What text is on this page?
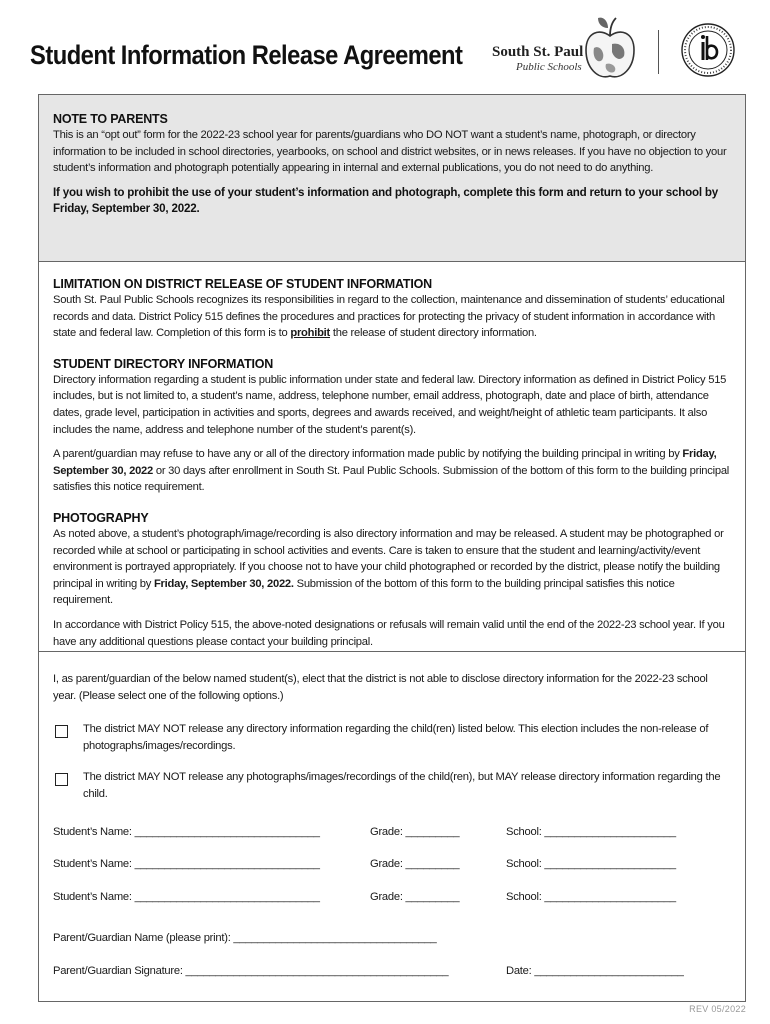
Student Information Release Agreement South St. Paul
Public Schools
NOTE TO PARENTS
This is an “opt out” form for the 2022-23 school year for parents/guardians who DO NOT want a student’s name, photograph, or directory information to be included in school directories, yearbooks, on school and district websites, or in news releases. If you have no objection to your student’s information and photograph potentially appearing in internal and external publications, you do not need to do anything.
If you wish to prohibit the use of your student’s information and photograph, complete this form and return to your school by Friday, September 30, 2022.
LIMITATION ON DISTRICT RELEASE OF STUDENT INFORMATION
South St. Paul Public Schools recognizes its responsibilities in regard to the collection, maintenance and dissemination of students’ educational records and data. District Policy 515 defines the procedures and practices for protecting the privacy of student information in accordance with state and federal law. Completion of this form is to prohibit the release of student directory information.
STUDENT DIRECTORY INFORMATION
Directory information regarding a student is public information under state and federal law. Directory information as defined in District Policy 515 includes, but is not limited to, a student’s name, address, telephone number, email address, photograph, date and place of birth, attendance dates, grade level, participation in activities and sports, degrees and awards received, and weight/height of athletic team participants. It also includes the name, address and telephone number of the student’s parent(s).
A parent/guardian may refuse to have any or all of the directory information made public by notifying the building principal in writing by Friday, September 30, 2022 or 30 days after enrollment in South St. Paul Public Schools. Submission of the bottom of this form to the building principal satisfies this notice requirement.
PHOTOGRAPHY
As noted above, a student’s photograph/image/recording is also directory information and may be released. A student may be photographed or recorded while at school or participating in school activities and events. Care is taken to ensure that the student and learning/activity/event environment is portrayed appropriately. If you choose not to have your child photographed or recorded by the district, please notify the building principal in writing by Friday, September 30, 2022. Submission of the bottom of this form to the building principal satisfies this notice requirement.
In accordance with District Policy 515, the above-noted designations or refusals will remain valid until the end of the 2022-23 school year. If you have any additional questions please contact your building principal.
I, as parent/guardian of the below named student(s), elect that the district is not able to disclose directory information for the 2022-23 school year. (Please select one of the following options.)
The district MAY NOT release any directory information regarding the child(ren) listed below. This election includes the non-release of photographs/images/recordings.
The district MAY NOT release any photographs/images/recordings of the child(ren), but MAY release directory information regarding the child.
Student’s Name: _______________________________	Grade: _________	School: ______________________
Student’s Name: _______________________________	Grade: _________	School: ______________________
Student’s Name: _______________________________	Grade: _________	School: ______________________
Parent/Guardian Name (please print): __________________________________
Parent/Guardian Signature: ____________________________________________	Date: _________________________
REV 05/2022
